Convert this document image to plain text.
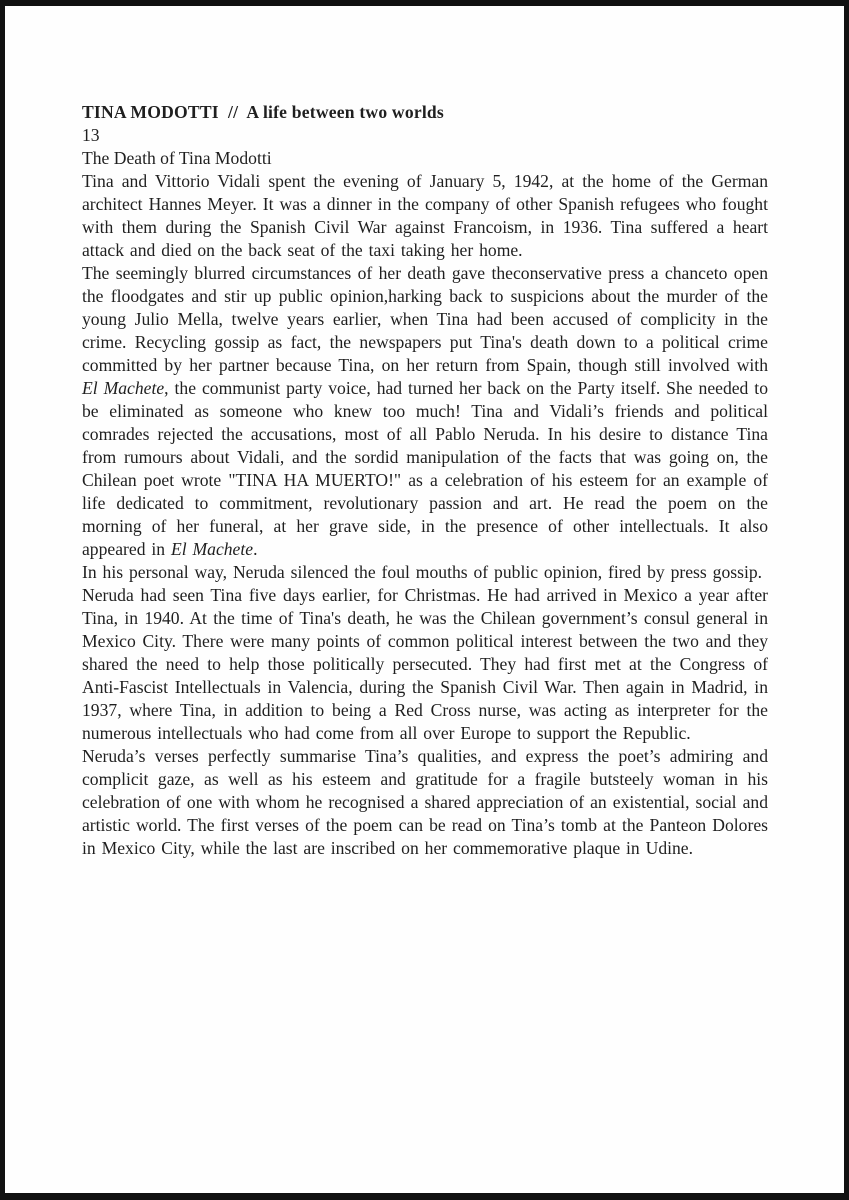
TINA MODOTTI  //  A life between two worlds
13
The Death of Tina Modotti

Tina and Vittorio Vidali spent the evening of January 5, 1942, at the home of the German architect Hannes Meyer. It was a dinner in the company of other Spanish refugees who fought with them during the Spanish Civil War against Francoism, in 1936. Tina suffered a heart attack and died on the back seat of the taxi taking her home.

The seemingly blurred circumstances of her death gave theconservative press a chanceto open the floodgates and stir up public opinion,harking back to suspicions about the murder of the young Julio Mella, twelve years earlier, when Tina had been accused of complicity in the crime. Recycling gossip as fact, the newspapers put Tina's death down to a political crime committed by her partner because Tina, on her return from Spain, though still involved with El Machete, the communist party voice, had turned her back on the Party itself. She needed to be eliminated as someone who knew too much! Tina and Vidali’s friends and political comrades rejected the accusations, most of all Pablo Neruda. In his desire to distance Tina from rumours about Vidali, and the sordid manipulation of the facts that was going on, the Chilean poet wrote "TINA HA MUERTO!" as a celebration of his esteem for an example of life dedicated to commitment, revolutionary passion and art. He read the poem on the morning of her funeral, at her grave side, in the presence of other intellectuals. It also appeared in El Machete.

In his personal way, Neruda silenced the foul mouths of public opinion, fired by press gossip.

Neruda had seen Tina five days earlier, for Christmas. He had arrived in Mexico a year after Tina, in 1940. At the time of Tina's death, he was the Chilean government’s consul general in Mexico City. There were many points of common political interest between the two and they shared the need to help those politically persecuted. They had first met at the Congress of Anti-Fascist Intellectuals in Valencia, during the Spanish Civil War. Then again in Madrid, in 1937, where Tina, in addition to being a Red Cross nurse, was acting as interpreter for the numerous intellectuals who had come from all over Europe to support the Republic.

Neruda’s verses perfectly summarise Tina’s qualities, and express the poet’s admiring and complicit gaze, as well as his esteem and gratitude for a fragile butsteely woman in his celebration of one with whom he recognised a shared appreciation of an existential, social and artistic world. The first verses of the poem can be read on Tina’s tomb at the Panteon Dolores in Mexico City, while the last are inscribed on her commemorative plaque in Udine.
